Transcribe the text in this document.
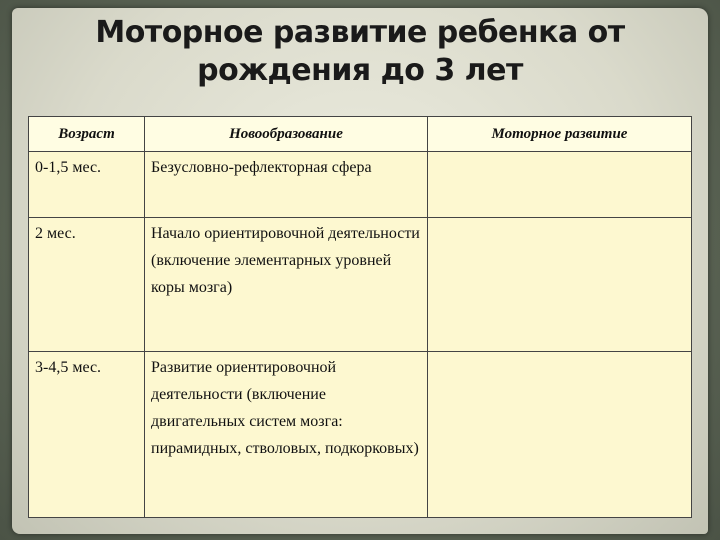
Моторное развитие ребенка от рождения до 3 лет
Возраст	Новообразование	Моторное развитие
0-1,5 мес.	Безусловно-рефлекторная сфера	
2 мес.	Начало ориентировочной деятельности (включение элементарных уровней коры мозга)	
3-4,5 мес.	Развитие ориентировочной деятельности (включение двигательных систем мозга: пирамидных, стволовых, подкорковых)	
